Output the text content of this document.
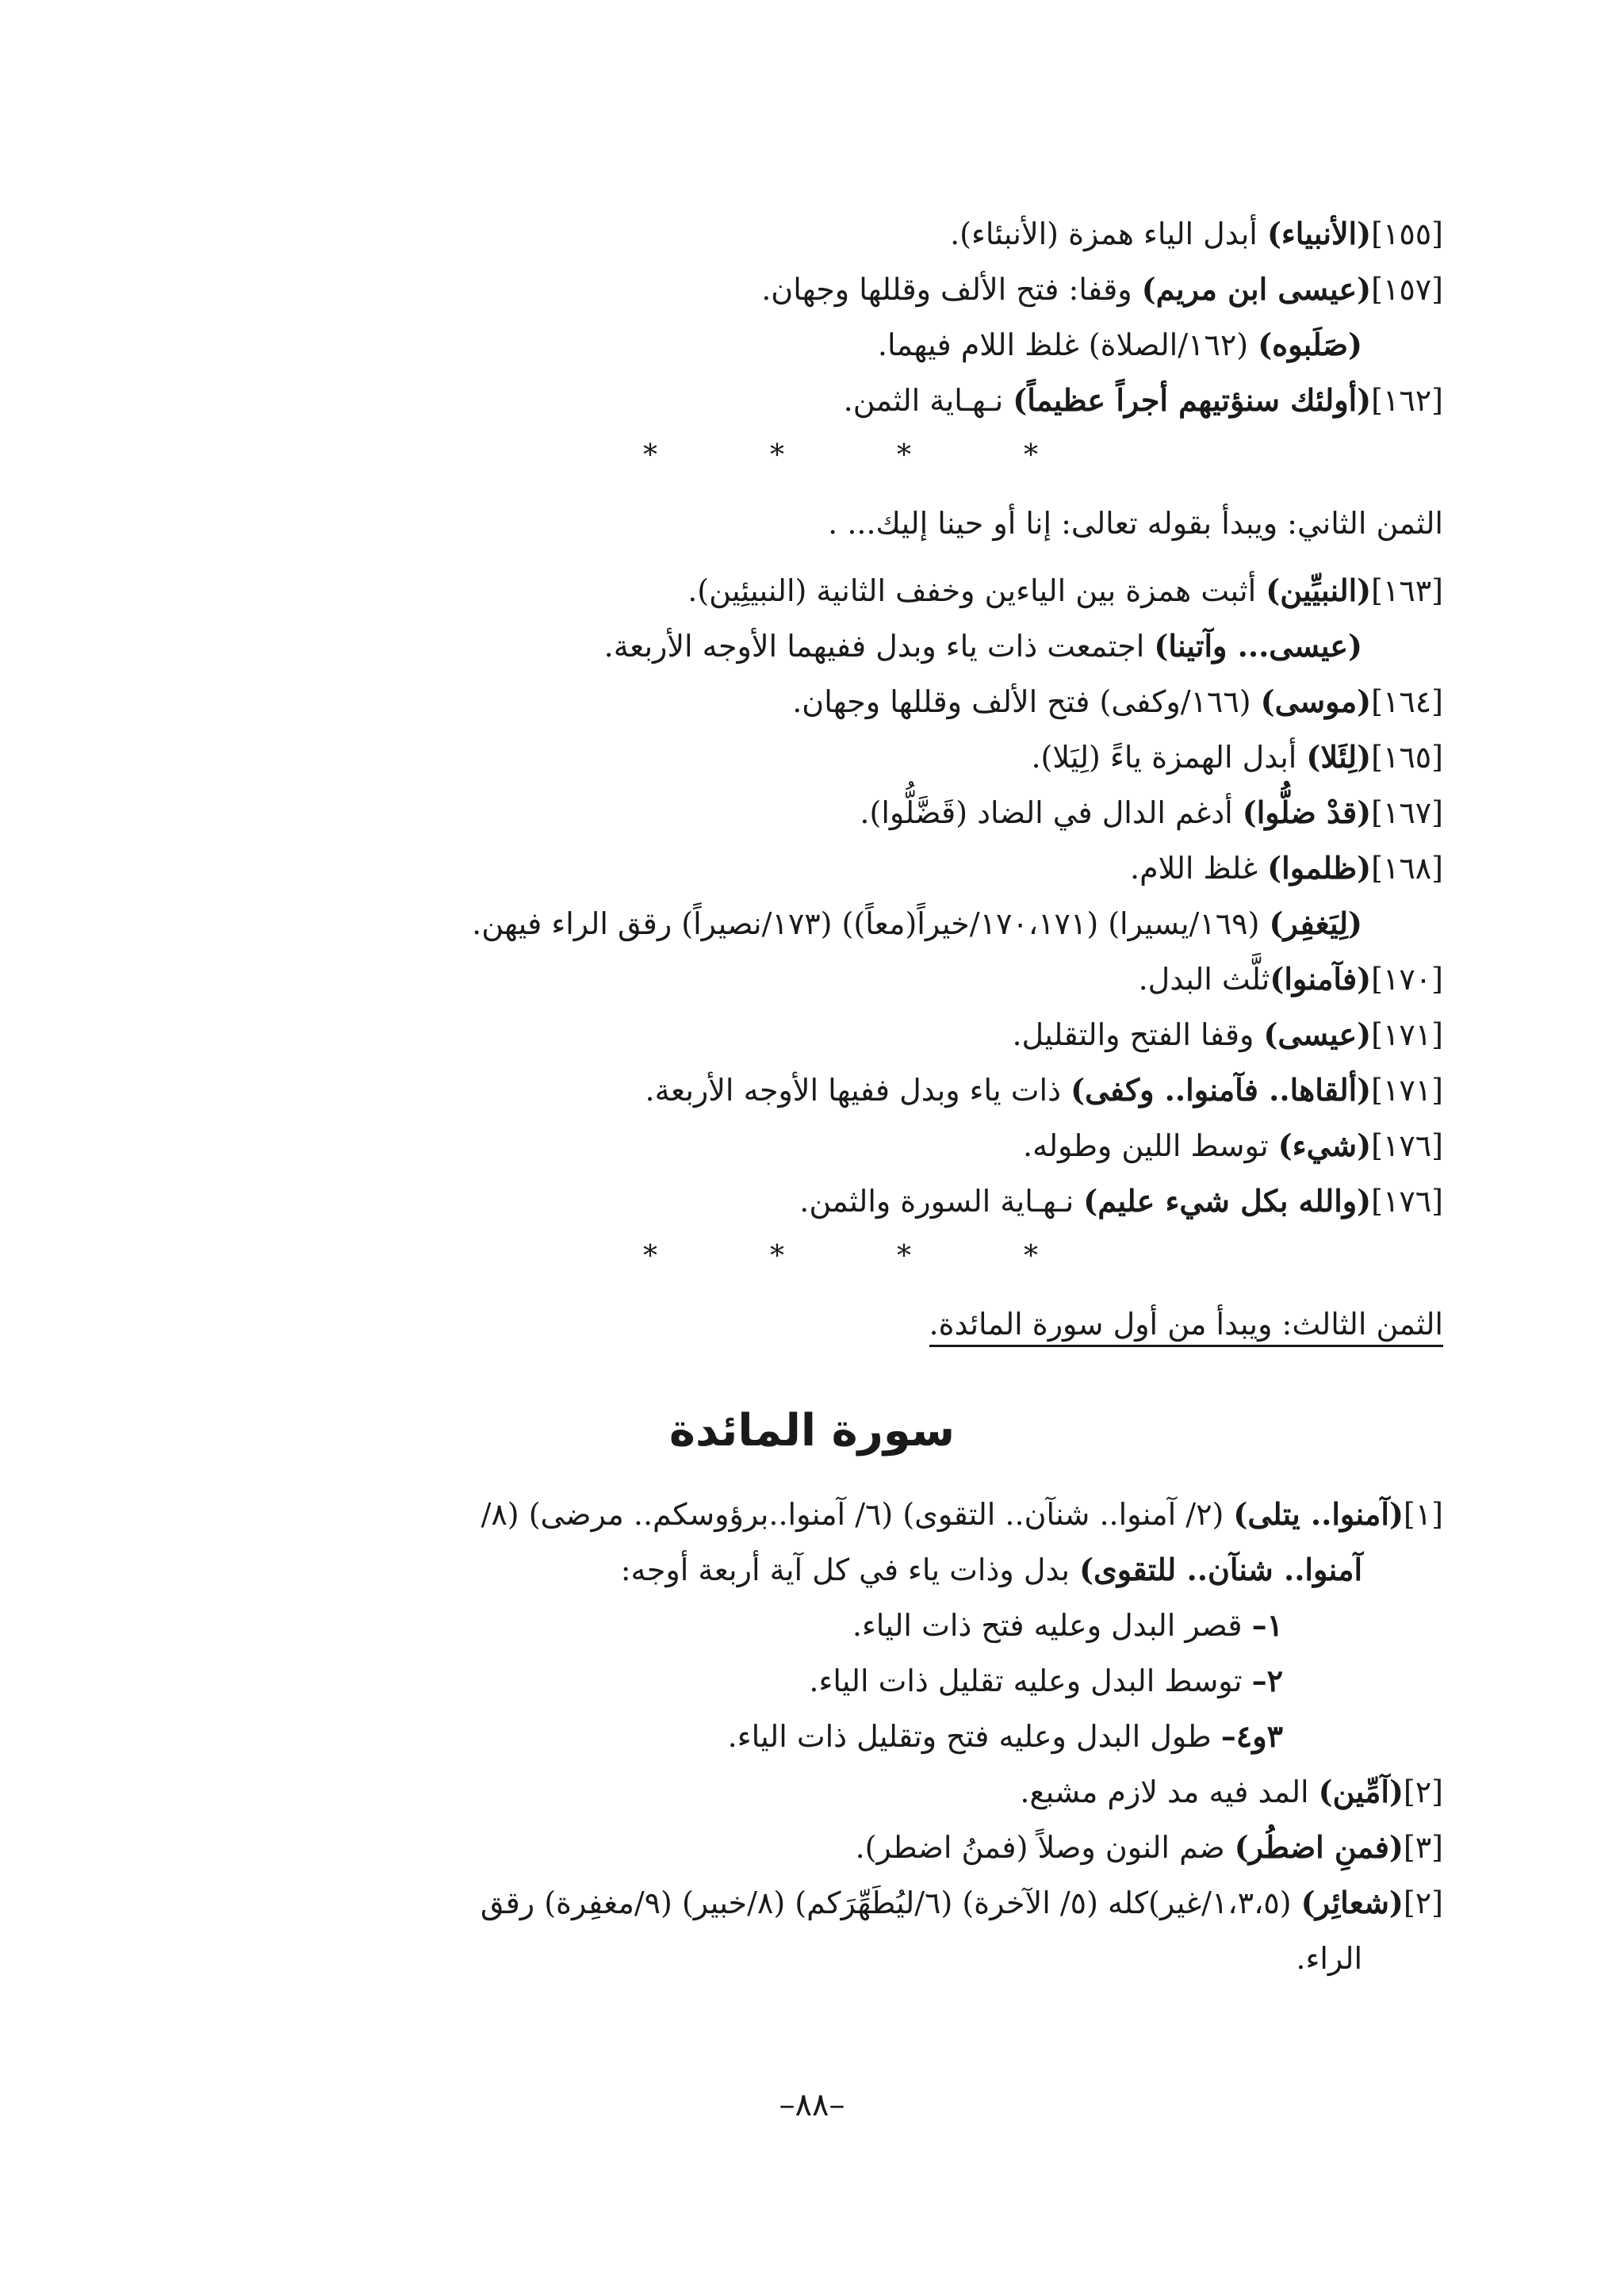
[١٥٥](الأنبياء) أبدل الياء همزة (الأنبئاء).
[١٥٧](عيسى ابن مريم) وقفا: فتح الألف وقللها وجهان.
(صَلَبوه) (١٦٢/الصلاة) غلظ اللام فيهما.
[١٦٢](أولئك سنؤتيهم أجراً عظيماً) نـهـاية الثمن.
*	*	*	*
الثمن الثاني: ويبدأ بقوله تعالى: إنا أو حينا إليك... .
[١٦٣](النبيِّين) أثبت همزة بين الياءين وخفف الثانية (النبيئِين).
(عيسى... وآتينا) اجتمعت ذات ياء وبدل ففيهما الأوجه الأربعة.
[١٦٤](موسى) (١٦٦/وكفى) فتح الألف وقللها وجهان.
[١٦٥](لِئَلا) أبدل الهمزة ياءً (لِيَلا).
[١٦٧](قدْ ضلُّوا) أدغم الدال في الضاد (قَضَّلُّوا).
[١٦٨](ظلموا) غلظ اللام.
(لِيَغفِر) (١٦٩/يسيرا) (١٧٠،١٧١/خيراً(معاً)) (١٧٣/نصيراً) رقق الراء فيهن.
[١٧٠](فآمنوا)ثلَّث البدل.
[١٧١](عيسى) وقفا الفتح والتقليل.
[١٧١](ألقاها.. فآمنوا.. وكفى) ذات ياء وبدل ففيها الأوجه الأربعة.
[١٧٦](شيء) توسط اللين وطوله.
[١٧٦](والله بكل شيء عليم) نـهـاية السورة والثمن.
*	*	*	*
الثمن الثالث: ويبدأ من أول سورة المائدة.
سورة المائدة
[١](آمنوا.. يتلى) (٢/ آمنوا.. شنآن.. التقوى) (٦/ آمنوا..برؤوسكم.. مرضى) (٨/
آمنوا.. شنآن.. للتقوى) بدل وذات ياء في كل آية أربعة أوجه:
١– قصر البدل وعليه فتح ذات الياء.
٢– توسط البدل وعليه تقليل ذات الياء.
٣و٤– طول البدل وعليه فتح وتقليل ذات الياء.
[٢](آمِّين) المد فيه مد لازم مشبع.
[٣](فمنِ اضطُر) ضم النون وصلاً (فمنُ اضطر).
[٢](شعائِر) (١،٣،٥/غير)كله (٥/ الآخرة) (٦/ليُطَهِّرَكم) (٨/خبير) (٩/مغفِرة) رقق
الراء.
–٨٨–
